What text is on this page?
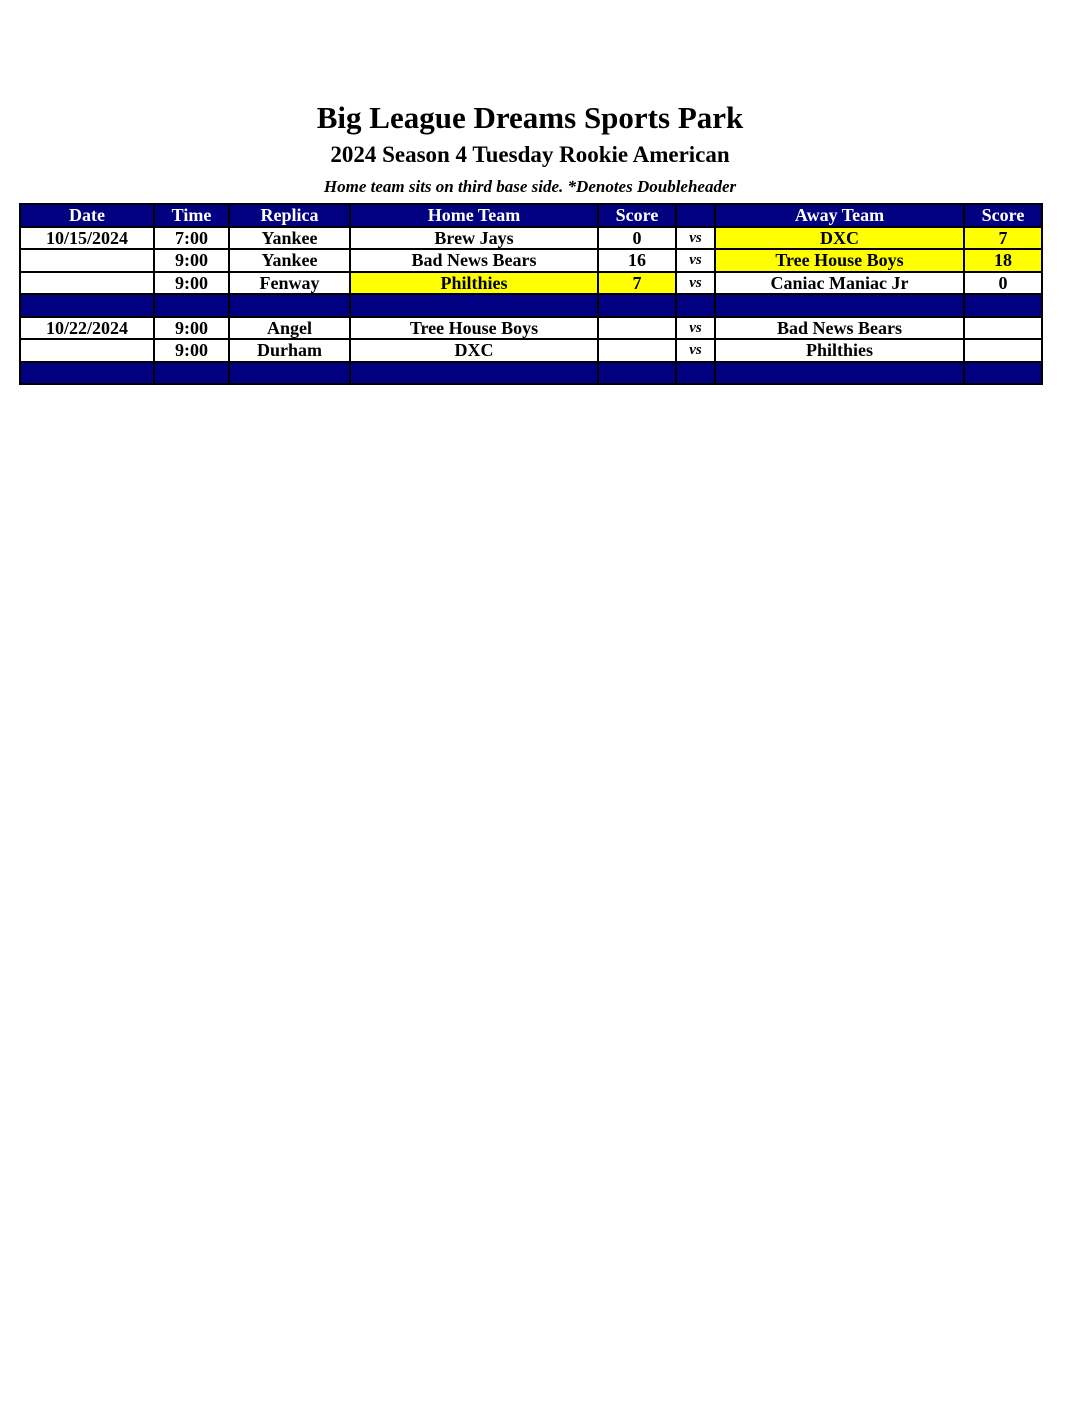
Big League Dreams Sports Park
2024 Season 4 Tuesday Rookie American
Home team sits on third base side. *Denotes Doubleheader
Date	Time	Replica	Home Team	Score		Away Team	Score
10/15/2024	7:00	Yankee	Brew Jays	0	vs	DXC	7
	9:00	Yankee	Bad News Bears	16	vs	Tree House Boys	18
	9:00	Fenway	Philthies	7	vs	Caniac Maniac Jr	0

10/22/2024	9:00	Angel	Tree House Boys		vs	Bad News Bears	
	9:00	Durham	DXC		vs	Philthies	
